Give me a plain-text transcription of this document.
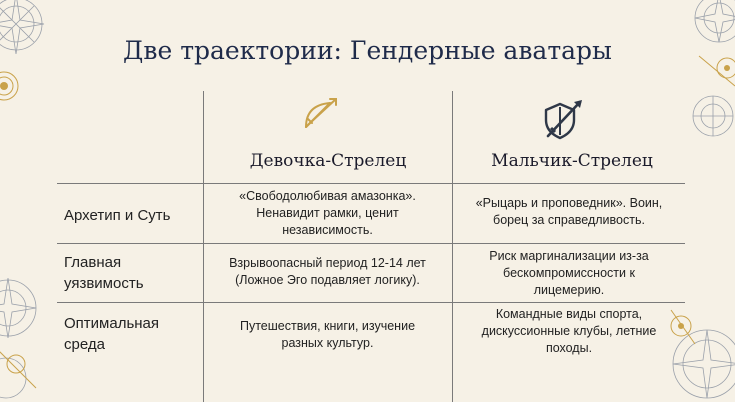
Две траектории: Гендерные аватары
Девочка-Стрелец	Мальчик-Стрелец
Архетип и Суть
«Свободолюбивая амазонка».
Ненавидит рамки, ценит
независимость.
«Рыцарь и проповедник». Воин,
борец за справедливость.
Главная
уязвимость
Взрывоопасный период 12-14 лет
(Ложное Эго подавляет логику).
Риск маргинализации из-за
бескомпромиссности к
лицемерию.
Оптимальная
среда
Путешествия, книги, изучение
разных культур.
Командные виды спорта,
дискуссионные клубы, летние
походы.
